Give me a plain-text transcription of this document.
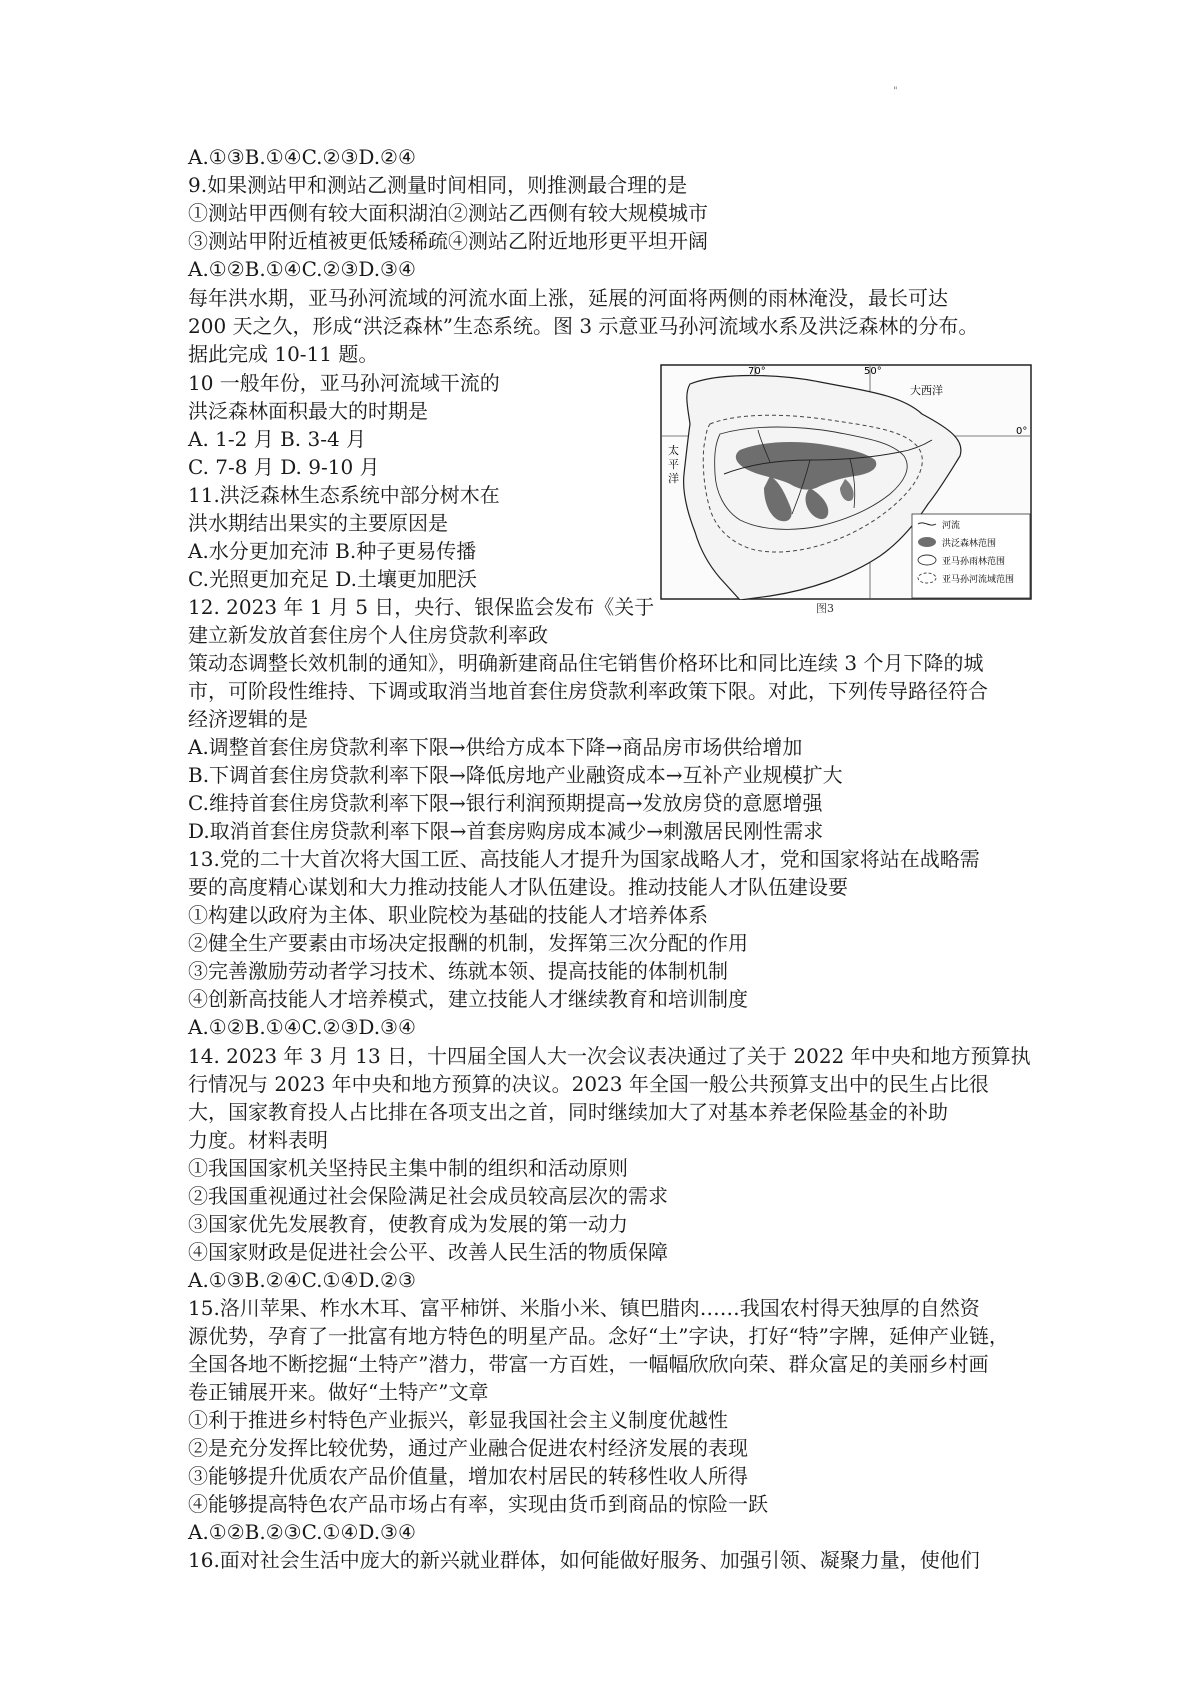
"
A.①③B.①④C.②③D.②④
9.如果测站甲和测站乙测量时间相同，则推测最合理的是
①测站甲西侧有较大面积湖泊②测站乙西侧有较大规模城市
③测站甲附近植被更低矮稀疏④测站乙附近地形更平坦开阔
A.①②B.①④C.②③D.③④
每年洪水期，亚马孙河流域的河流水面上涨，延展的河面将两侧的雨林淹没，最长可达
200 天之久，形成“洪泛森林”生态系统。图 3 示意亚马孙河流域水系及洪泛森林的分布。
据此完成 10-11 题。
10 一般年份，亚马孙河流域干流的
洪泛森林面积最大的时期是
A. 1-2 月 B. 3-4 月
C. 7-8 月 D. 9-10 月
11.洪泛森林生态系统中部分树木在
洪水期结出果实的主要原因是
A.水分更加充沛 B.种子更易传播
C.光照更加充足 D.土壤更加肥沃
70°	50°
0°
大西洋
太
平
洋
河流
洪泛森林范围
亚马孙雨林范围
亚马孙河流域范围
图3
12. 2023 年 1 月 5 日，央行、银保监会发布《关于
建立新发放首套住房个人住房贷款利率政
策动态调整长效机制的通知》，明确新建商品住宅销售价格环比和同比连续 3 个月下降的城
市，可阶段性维持、下调或取消当地首套住房贷款利率政策下限。对此，下列传导路径符合
经济逻辑的是
A.调整首套住房贷款利率下限→供给方成本下降→商品房市场供给增加
B.下调首套住房贷款利率下限→降低房地产业融资成本→互补产业规模扩大
C.维持首套住房贷款利率下限→银行利润预期提高→发放房贷的意愿增强
D.取消首套住房贷款利率下限→首套房购房成本减少→刺激居民刚性需求
13.党的二十大首次将大国工匠、高技能人才提升为国家战略人才，党和国家将站在战略需
要的高度精心谋划和大力推动技能人才队伍建设。推动技能人才队伍建设要
①构建以政府为主体、职业院校为基础的技能人才培养体系
②健全生产要素由市场决定报酬的机制，发挥第三次分配的作用
③完善激励劳动者学习技术、练就本领、提高技能的体制机制
④创新高技能人才培养模式，建立技能人才继续教育和培训制度
A.①②B.①④C.②③D.③④
14. 2023 年 3 月 13 日，十四届全国人大一次会议表决通过了关于 2022 年中央和地方预算执
行情况与 2023 年中央和地方预算的决议。2023 年全国一般公共预算支出中的民生占比很
大，国家教育投人占比排在各项支出之首，同时继续加大了对基本养老保险基金的补助
力度。材料表明
①我国国家机关坚持民主集中制的组织和活动原则
②我国重视通过社会保险满足社会成员较高层次的需求
③国家优先发展教育，使教育成为发展的第一动力
④国家财政是促进社会公平、改善人民生活的物质保障
A.①③B.②④C.①④D.②③
15.洛川苹果、柞水木耳、富平柿饼、米脂小米、镇巴腊肉……我国农村得天独厚的自然资
源优势，孕育了一批富有地方特色的明星产品。念好“土”字诀，打好“特”字牌，延伸产业链，
全国各地不断挖掘“土特产”潜力，带富一方百姓，一幅幅欣欣向荣、群众富足的美丽乡村画
卷正铺展开来。做好“土特产”文章
①利于推进乡村特色产业振兴，彰显我国社会主义制度优越性
②是充分发挥比较优势，通过产业融合促进农村经济发展的表现
③能够提升优质农产品价值量，增加农村居民的转移性收人所得
④能够提高特色农产品市场占有率，实现由货币到商品的惊险一跃
A.①②B.②③C.①④D.③④
16.面对社会生活中庞大的新兴就业群体，如何能做好服务、加强引领、凝聚力量，使他们
